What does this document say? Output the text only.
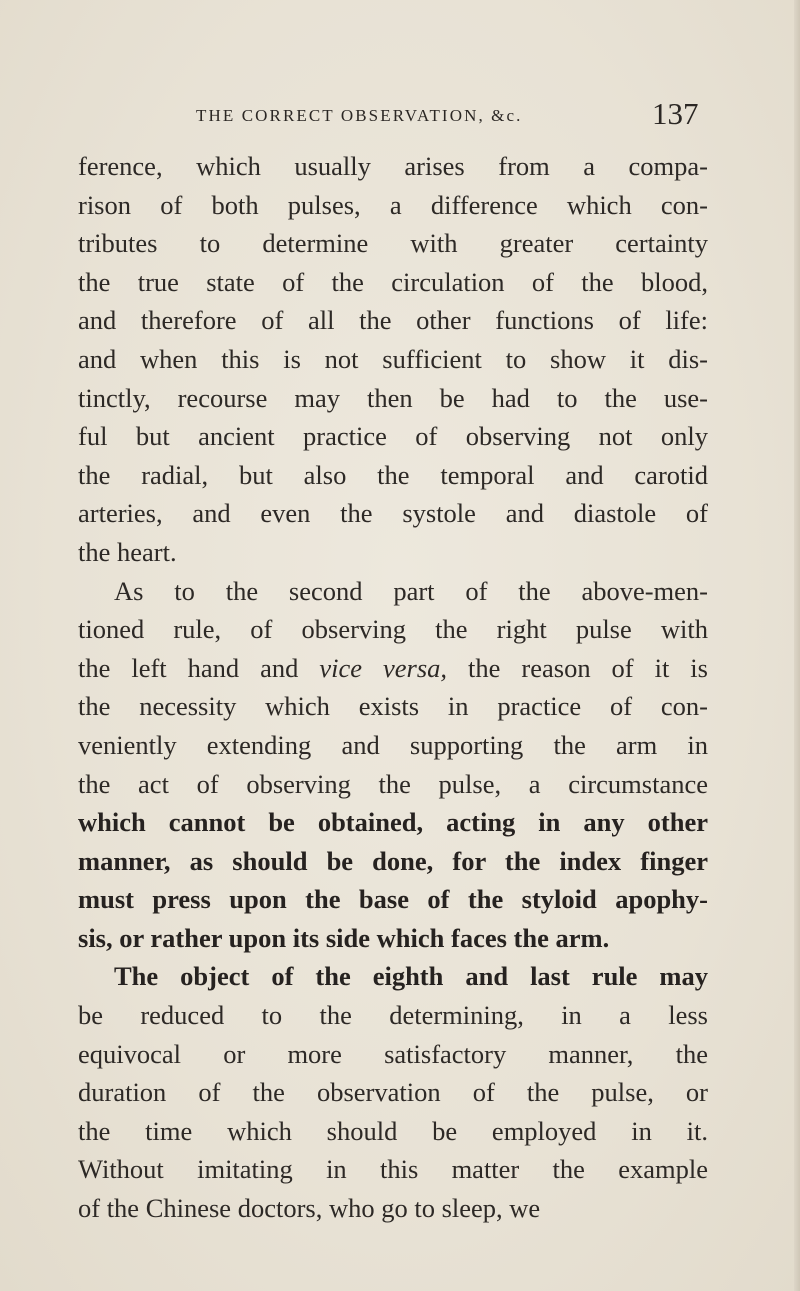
THE CORRECT OBSERVATION, &c.	137
ference, which usually arises from a compa-
rison of both pulses, a difference which con-
tributes to determine with greater certainty
the true state of the circulation of the blood,
and therefore of all the other functions of life:
and when this is not sufficient to show it dis-
tinctly, recourse may then be had to the use-
ful but ancient practice of observing not only
the radial, but also the temporal and carotid
arteries, and even the systole and diastole of
the heart.
As to the second part of the above-men-
tioned rule, of observing the right pulse with
the left hand and vice versa, the reason of it is
the necessity which exists in practice of con-
veniently extending and supporting the arm in
the act of observing the pulse, a circumstance
which cannot be obtained, acting in any other
manner, as should be done, for the index finger
must press upon the base of the styloid apophy-
sis, or rather upon its side which faces the arm.
The object of the eighth and last rule may
be reduced to the determining, in a less
equivocal or more satisfactory manner, the
duration of the observation of the pulse, or
the time which should be employed in it.
Without imitating in this matter the example
of the Chinese doctors, who go to sleep, we
